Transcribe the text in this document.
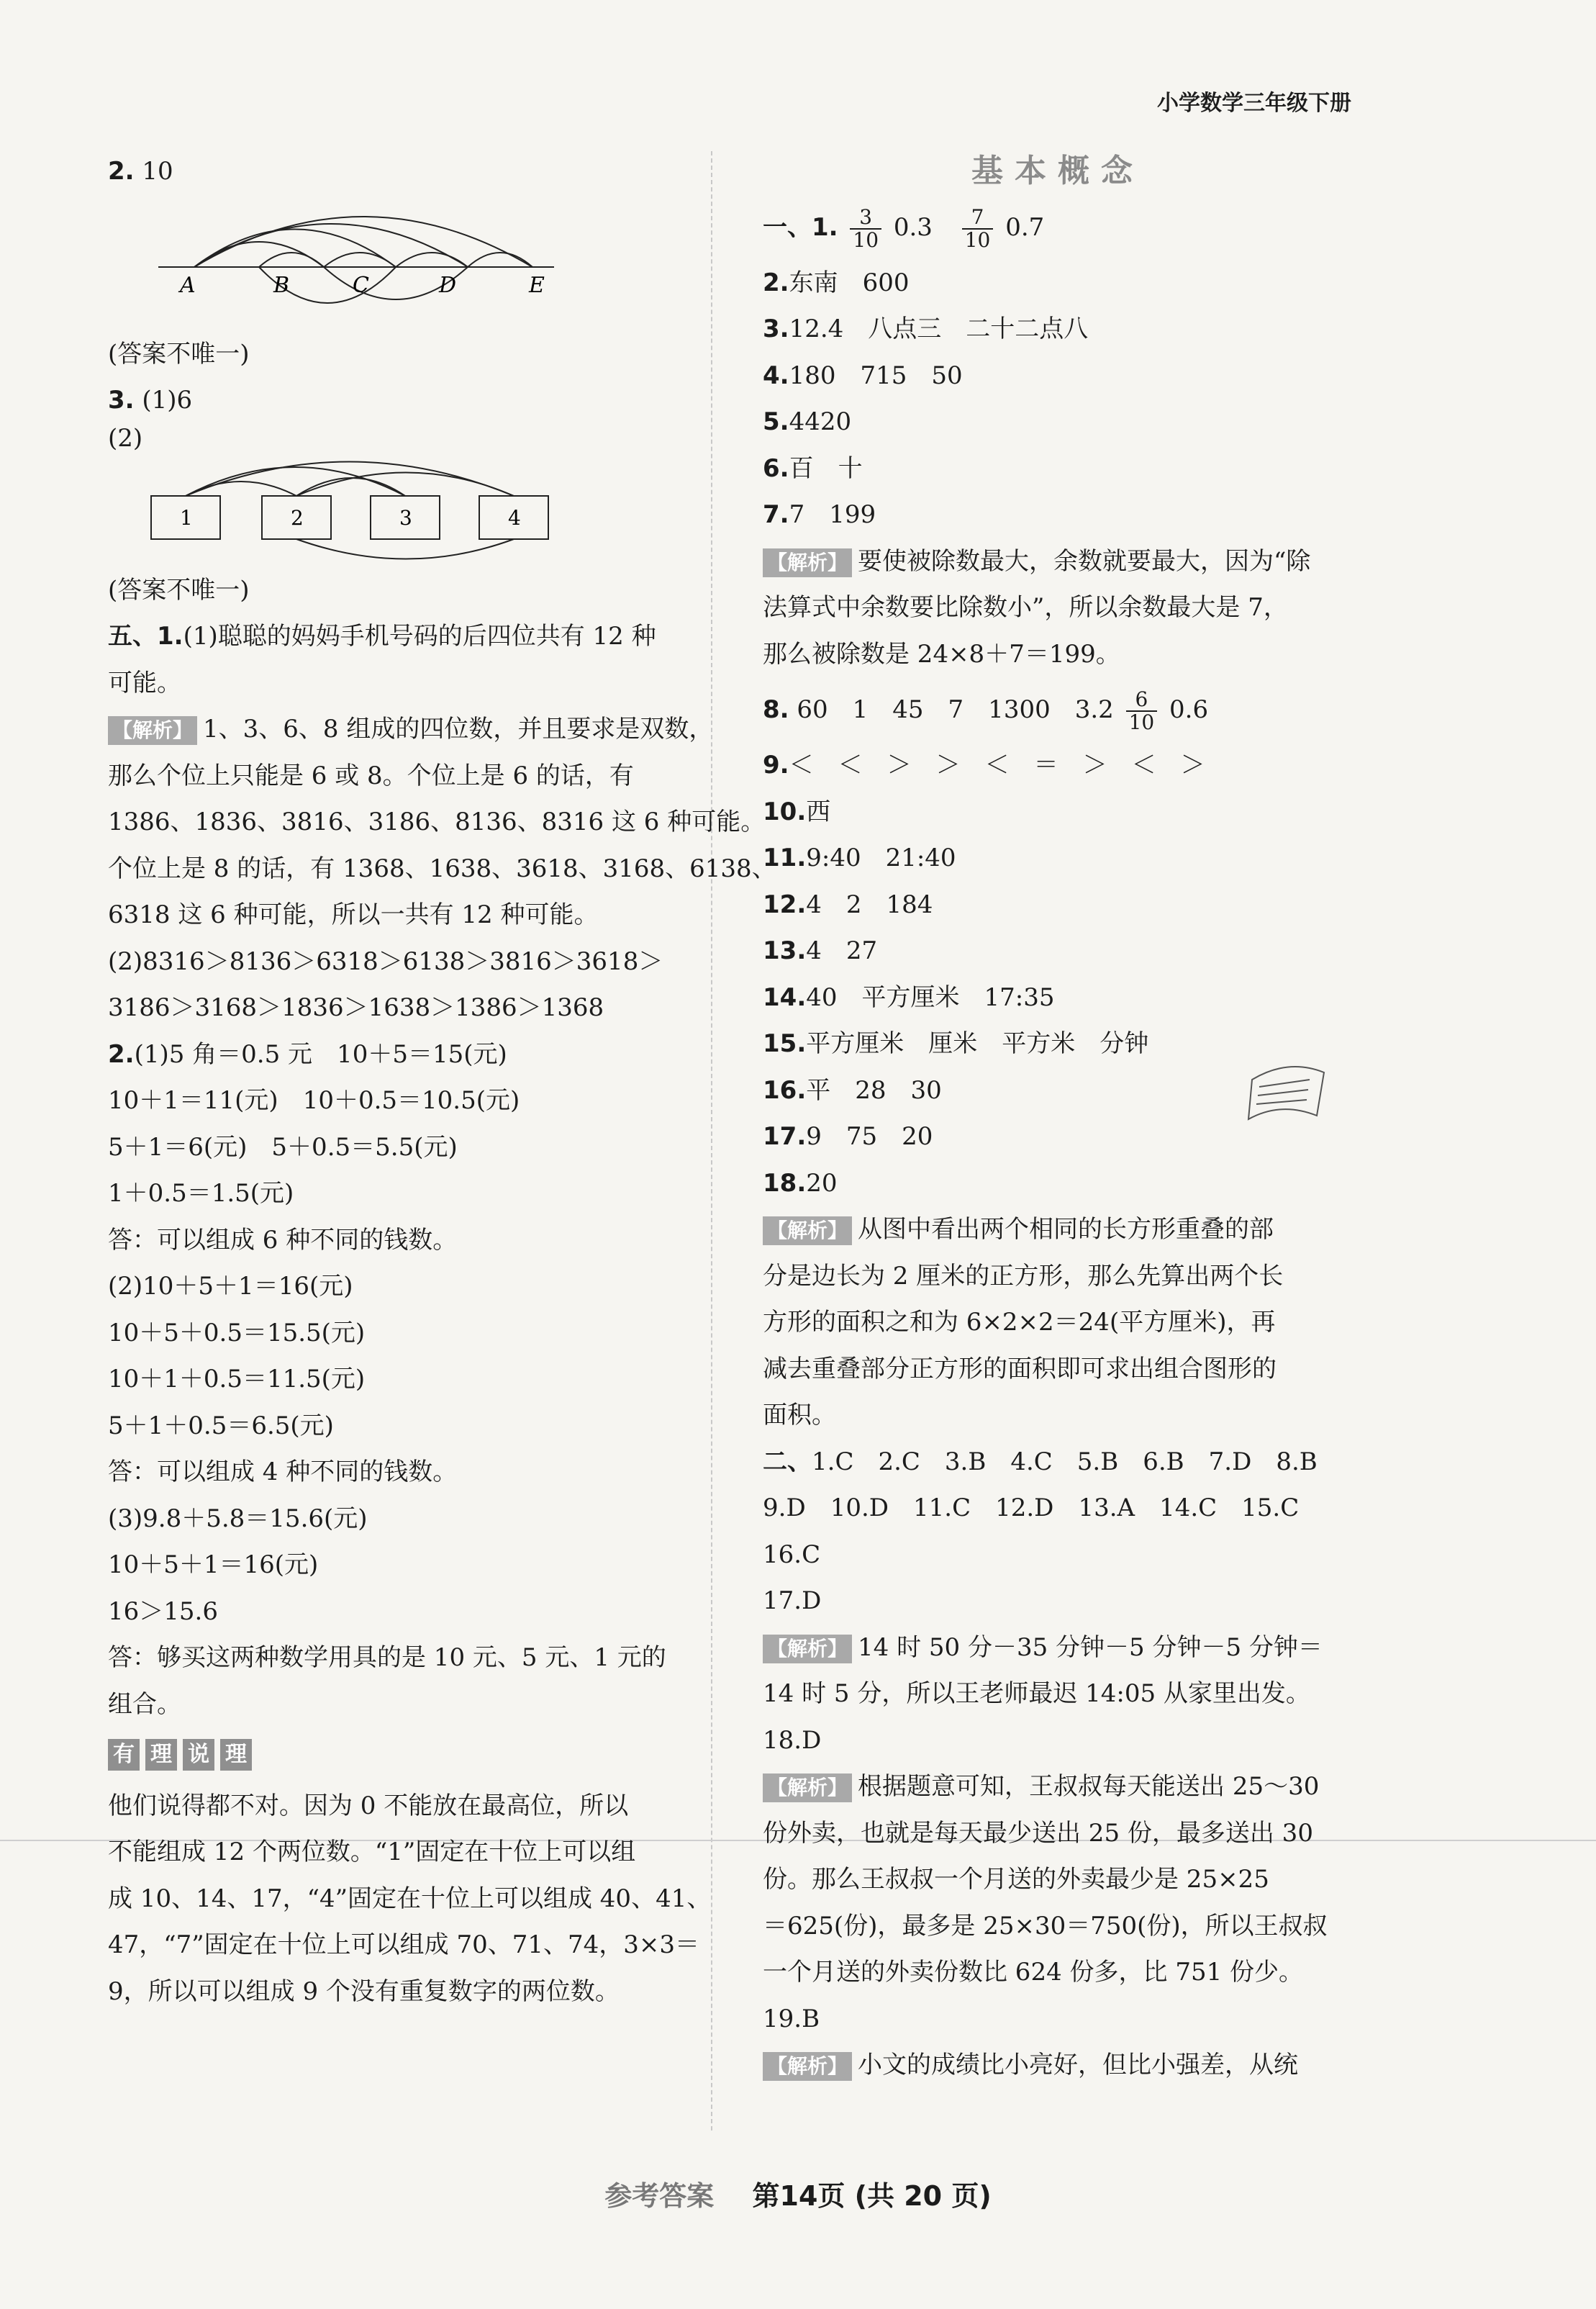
小学数学三年级下册
2. 10
A	B	C	D	E
(答案不唯一)
3. (1)6
(2)
1	2	3	4
(答案不唯一)
五、1.(1)聪聪的妈妈手机号码的后四位共有 12 种
可能。
【解析】 1、3、6、8 组成的四位数，并且要求是双数，
那么个位上只能是 6 或 8。个位上是 6 的话，有
1386、1836、3816、3186、8136、8316 这 6 种可能。
个位上是 8 的话，有 1368、1638、3618、3168、6138、
6318 这 6 种可能，所以一共有 12 种可能。
(2)8316＞8136＞6318＞6138＞3816＞3618＞
3186＞3168＞1836＞1638＞1386＞1368
2.(1)5 角＝0.5 元　10＋5＝15(元)
10＋1＝11(元)　10＋0.5＝10.5(元)
5＋1＝6(元)　5＋0.5＝5.5(元)
1＋0.5＝1.5(元)
答：可以组成 6 种不同的钱数。
(2)10＋5＋1＝16(元)
10＋5＋0.5＝15.5(元)
10＋1＋0.5＝11.5(元)
5＋1＋0.5＝6.5(元)
答：可以组成 4 种不同的钱数。
(3)9.8＋5.8＝15.6(元)
10＋5＋1＝16(元)
16＞15.6
答：够买这两种数学用具的是 10 元、5 元、1 元的
组合。
有 理 说 理
他们说得都不对。因为 0 不能放在最高位，所以
不能组成 12 个两位数。“1”固定在十位上可以组
成 10、14、17，“4”固定在十位上可以组成 40、41、
47，“7”固定在十位上可以组成 70、71、74，3×3＝
9，所以可以组成 9 个没有重复数字的两位数。
基本概念
一、1. $\frac{3}{10} 0.3 \frac{7}{10} 0.7$
2.东南　600
3.12.4　八点三　二十二点八
4.180　715　50
5.4420
6.百　十
7.7　199
【解析】 要使被除数最大，余数就要最大，因为“除
法算式中余数要比除数小”，所以余数最大是 7，
那么被除数是 24×8＋7＝199。
8. 60　1　45　7　1300　$3.2 \frac{6}{10} 0.6$
9.＜　＜　＞　＞　＜　＝　＞　＜　＞
10.西
11.9:40　21:40
12.4　2　184
13.4　27
14.40　平方厘米　17:35
15.平方厘米　厘米　平方米　分钟
16.平　28　30
17.9　75　20
18.20
【解析】 从图中看出两个相同的长方形重叠的部
分是边长为 2 厘米的正方形，那么先算出两个长
方形的面积之和为 6×2×2＝24(平方厘米)，再
减去重叠部分正方形的面积即可求出组合图形的
面积。
二、1.C　2.C　3.B　4.C　5.B　6.B　7.D　8.B
9.D　10.D　11.C　12.D　13.A　14.C　15.C
16.C
17.D
【解析】 14 时 50 分－35 分钟－5 分钟－5 分钟＝
14 时 5 分，所以王老师最迟 14:05 从家里出发。
18.D
【解析】 根据题意可知，王叔叔每天能送出 25～30
份外卖，也就是每天最少送出 25 份，最多送出 30
份。那么王叔叔一个月送的外卖最少是 25×25
＝625(份)，最多是 25×30＝750(份)，所以王叔叔
一个月送的外卖份数比 624 份多，比 751 份少。
19.B
【解析】 小文的成绩比小亮好，但比小强差，从统
参考答案 第14页 (共 20 页)
